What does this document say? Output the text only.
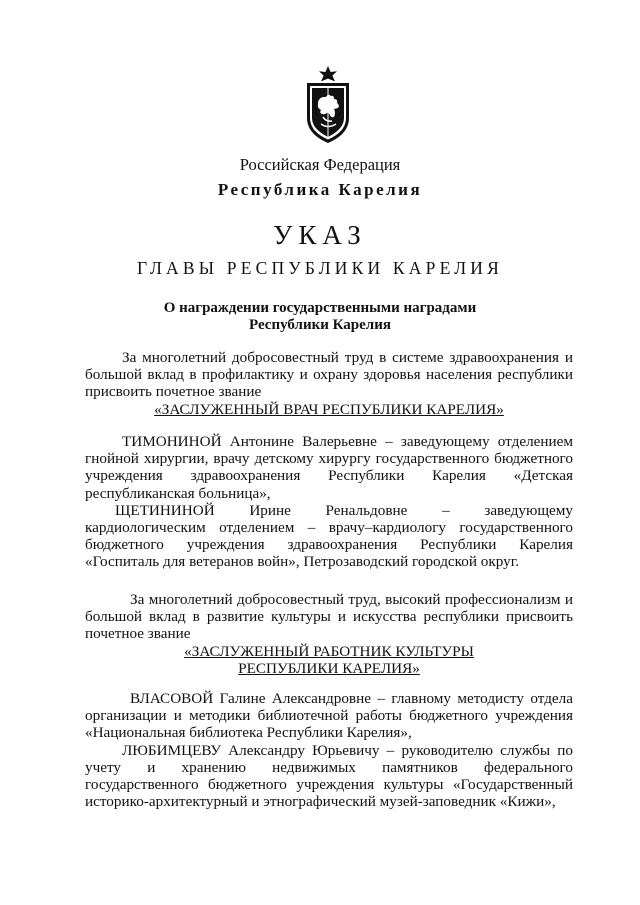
Российская Федерация
Республика Карелия
УКАЗ
ГЛАВЫ РЕСПУБЛИКИ КАРЕЛИЯ
О награждении государственными наградами
Республики Карелия

За многолетний добросовестный труд в системе здравоохранения и большой вклад в профилактику и охрану здоровья населения республики присвоить почетное звание

«ЗАСЛУЖЕННЫЙ ВРАЧ РЕСПУБЛИКИ КАРЕЛИЯ»

ТИМОНИНОЙ Антонине Валерьевне – заведующему отделением гнойной хирургии, врачу детскому хирургу государственного бюджетного учреждения здравоохранения Республики Карелия «Детская республиканская больница»,

ЩЕТИНИНОЙ Ирине Ренальдовне – заведующему кардиологическим отделением – врачу–кардиологу государственного бюджетного учреждения здравоохранения Республики Карелия «Госпиталь для ветеранов войн», Петрозаводский городской округ.

За многолетний добросовестный труд, высокий профессионализм и большой вклад в развитие культуры и искусства республики присвоить почетное звание

«ЗАСЛУЖЕННЫЙ РАБОТНИК КУЛЬТУРЫ

РЕСПУБЛИКИ КАРЕЛИЯ»

ВЛАСОВОЙ Галине Александровне – главному методисту отдела организации и методики библиотечной работы бюджетного учреждения «Национальная библиотека Республики Карелия»,

ЛЮБИМЦЕВУ Александру Юрьевичу – руководителю службы по учету и хранению недвижимых памятников федерального государственного бюджетного учреждения культуры «Государственный историко-архитектурный и этнографический музей-заповедник «Кижи»,
